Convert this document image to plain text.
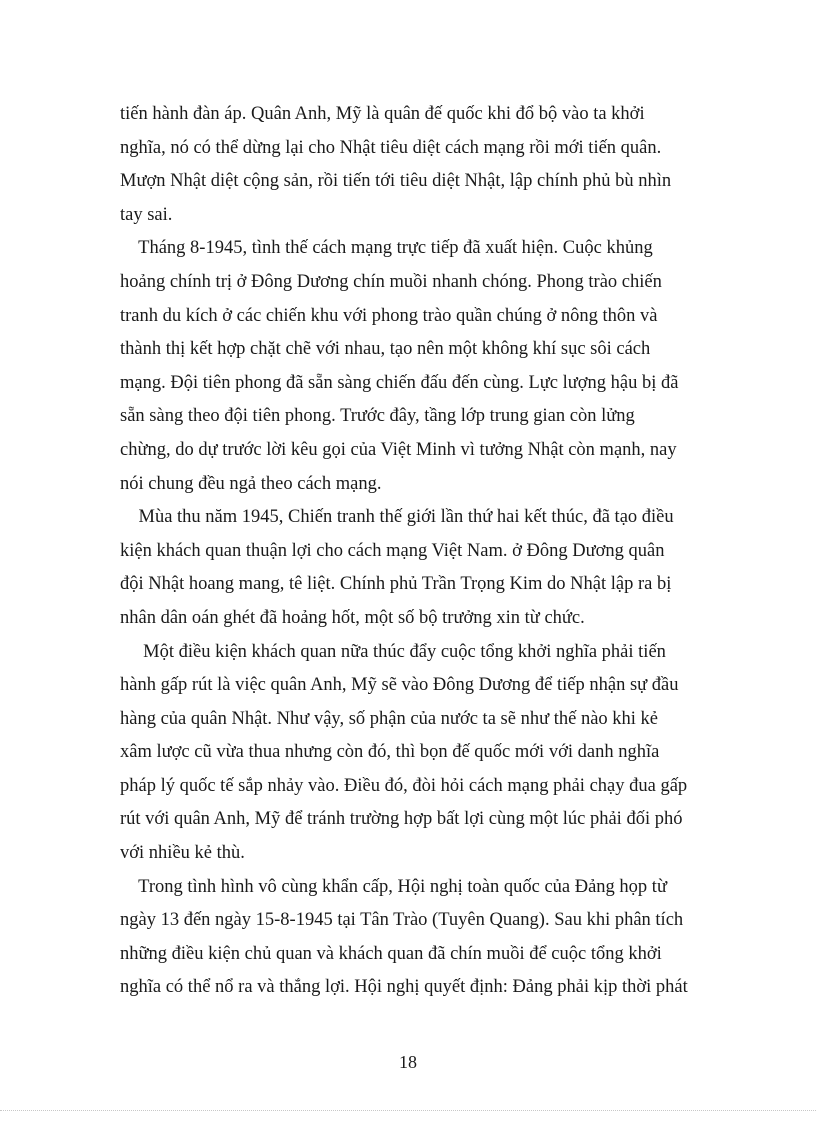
tiến hành đàn áp. Quân Anh, Mỹ là quân đế quốc khi đổ bộ vào ta khởi
nghĩa, nó có thể dừng lại cho Nhật tiêu diệt cách mạng rồi mới tiến quân.
Mượn Nhật diệt cộng sản, rồi tiến tới tiêu diệt Nhật, lập chính phủ bù nhìn
tay sai.
Tháng 8-1945, tình thế cách mạng trực tiếp đã xuất hiện. Cuộc khủng
hoảng chính trị ở Đông Dương chín muồi nhanh chóng. Phong trào chiến
tranh du kích ở các chiến khu với phong trào quần chúng ở nông thôn và
thành thị kết hợp chặt chẽ với nhau, tạo nên một không khí sục sôi cách
mạng. Đội tiên phong đã sẵn sàng chiến đấu đến cùng. Lực lượng hậu bị đã
sẵn sàng theo đội tiên phong. Trước đây, tầng lớp trung gian còn lửng
chừng, do dự trước lời kêu gọi của Việt Minh vì tưởng Nhật còn mạnh, nay
nói chung đều ngả theo cách mạng.
Mùa thu năm 1945, Chiến tranh thế giới lần thứ hai kết thúc, đã tạo điều
kiện khách quan thuận lợi cho cách mạng Việt Nam. ở Đông Dương quân
đội Nhật hoang mang, tê liệt. Chính phủ Trần Trọng Kim do Nhật lập ra bị
nhân dân oán ghét đã hoảng hốt, một số bộ trưởng xin từ chức.
Một điều kiện khách quan nữa thúc đẩy cuộc tổng khởi nghĩa phải tiến
hành gấp rút là việc quân Anh, Mỹ sẽ vào Đông Dương để tiếp nhận sự đầu
hàng của quân Nhật. Như vậy, số phận của nước ta sẽ như thế nào khi kẻ
xâm lược cũ vừa thua nhưng còn đó, thì bọn đế quốc mới với danh nghĩa
pháp lý quốc tế sắp nhảy vào. Điều đó, đòi hỏi cách mạng phải chạy đua gấp
rút với quân Anh, Mỹ để tránh trường hợp bất lợi cùng một lúc phải đối phó
với nhiều kẻ thù.
Trong tình hình vô cùng khẩn cấp, Hội nghị toàn quốc của Đảng họp từ
ngày 13 đến ngày 15-8-1945 tại Tân Trào (Tuyên Quang). Sau khi phân tích
những điều kiện chủ quan và khách quan đã chín muồi để cuộc tổng khởi
nghĩa có thể nổ ra và thắng lợi. Hội nghị quyết định: Đảng phải kịp thời phát
18
